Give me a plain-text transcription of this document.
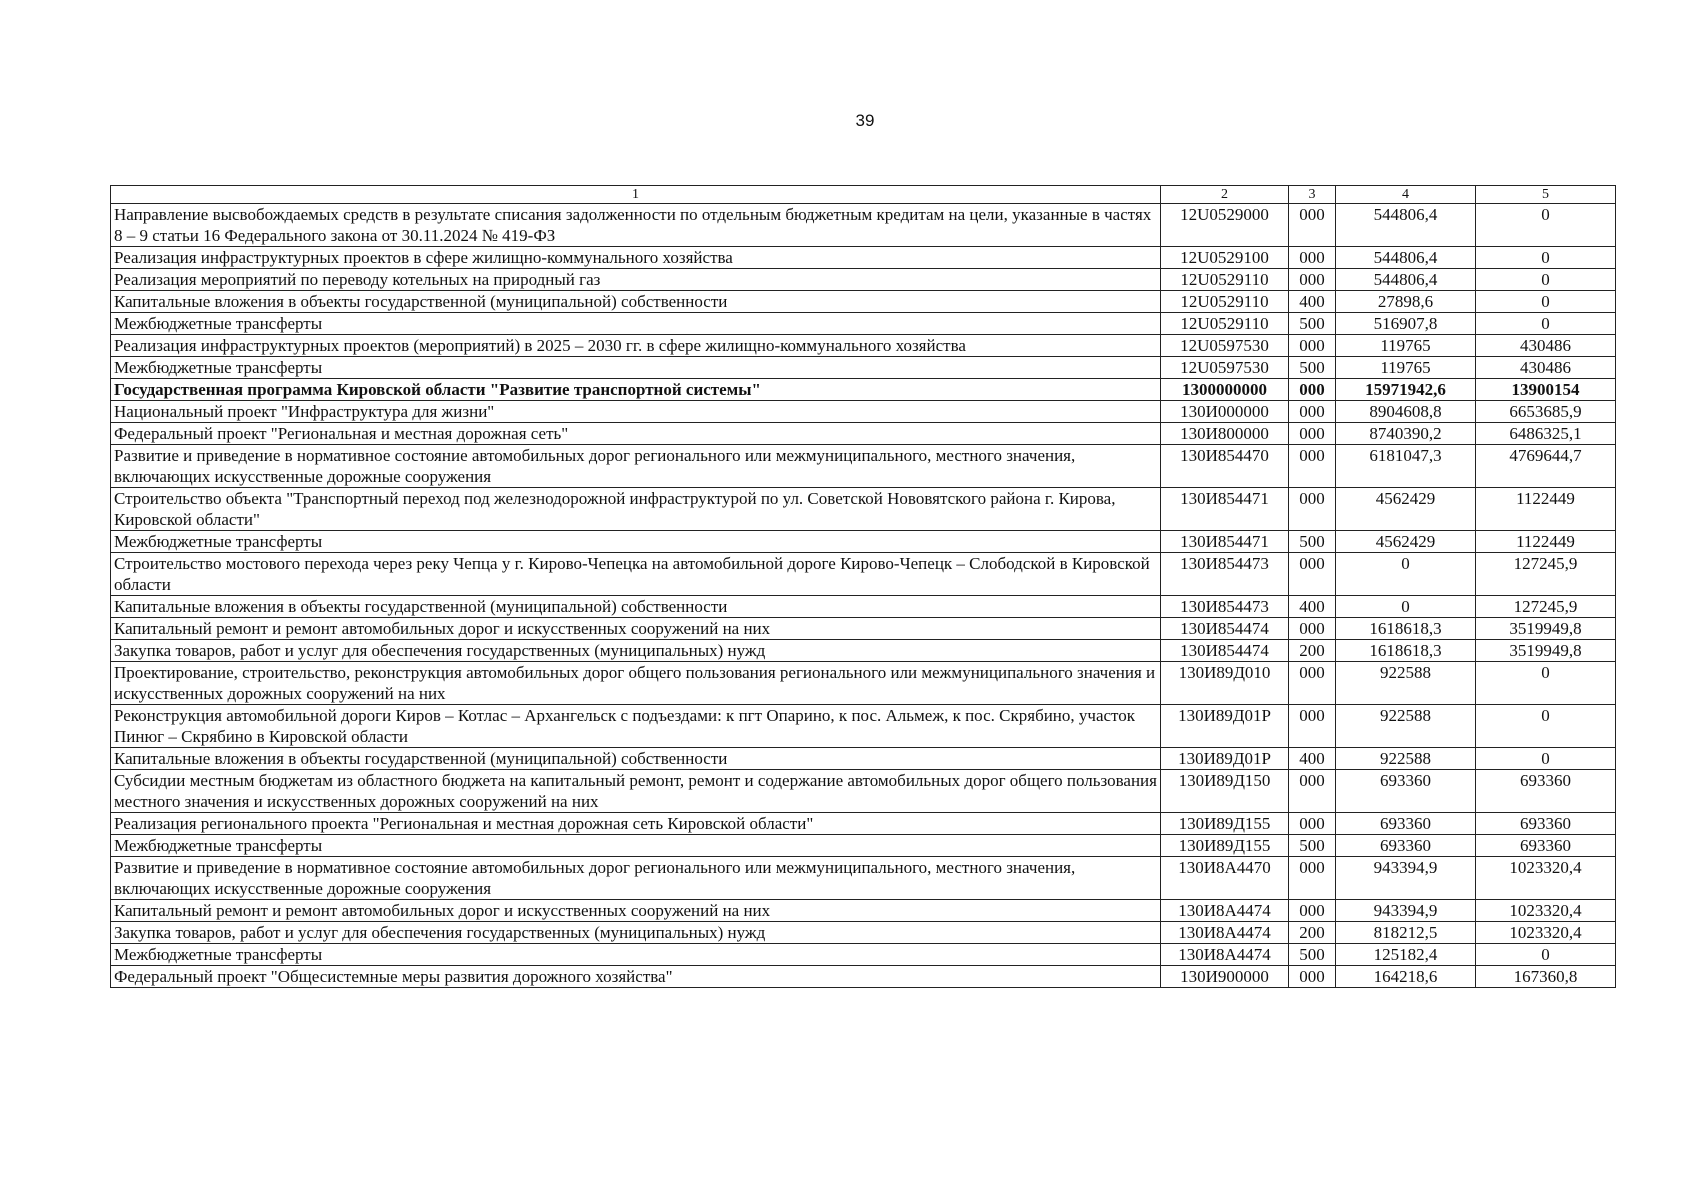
39
1	2	3	4	5
Направление высвобождаемых средств в результате списания задолженности по отдельным бюджетным кредитам на цели, указанные в частях 8 – 9 статьи 16 Федерального закона от 30.11.2024 № 419-ФЗ	12U0529000	000	544806,4	0
Реализация инфраструктурных проектов в сфере жилищно-коммунального хозяйства	12U0529100	000	544806,4	0
Реализация мероприятий по переводу котельных на природный газ	12U0529110	000	544806,4	0
Капитальные вложения в объекты государственной (муниципальной) собственности	12U0529110	400	27898,6	0
Межбюджетные трансферты	12U0529110	500	516907,8	0
Реализация инфраструктурных проектов (мероприятий) в 2025 – 2030 гг. в сфере жилищно-коммунального хозяйства	12U0597530	000	119765	430486
Межбюджетные трансферты	12U0597530	500	119765	430486
Государственная программа Кировской области "Развитие транспортной системы"	1300000000	000	15971942,6	13900154
Национальный проект "Инфраструктура для жизни"	130И000000	000	8904608,8	6653685,9
Федеральный проект "Региональная и местная дорожная сеть"	130И800000	000	8740390,2	6486325,1
Развитие и приведение в нормативное состояние автомобильных дорог регионального или межмуниципального, местного значения, включающих искусственные дорожные сооружения	130И854470	000	6181047,3	4769644,7
Строительство объекта "Транспортный переход под железнодорожной инфраструктурой по ул. Советской Нововятского района г. Кирова, Кировской области"	130И854471	000	4562429	1122449
Межбюджетные трансферты	130И854471	500	4562429	1122449
Строительство мостового перехода через реку Чепца у г. Кирово-Чепецка на автомобильной дороге Кирово-Чепецк – Слободской в Кировской области	130И854473	000	0	127245,9
Капитальные вложения в объекты государственной (муниципальной) собственности	130И854473	400	0	127245,9
Капитальный ремонт и ремонт автомобильных дорог и искусственных сооружений на них	130И854474	000	1618618,3	3519949,8
Закупка товаров, работ и услуг для обеспечения государственных (муниципальных) нужд	130И854474	200	1618618,3	3519949,8
Проектирование, строительство, реконструкция автомобильных дорог общего пользования регионального или межмуниципального значения и искусственных дорожных сооружений на них	130И89Д010	000	922588	0
Реконструкция автомобильной дороги Киров – Котлас – Архангельск с подъездами: к пгт Опарино, к пос. Альмеж, к пос. Скрябино, участок Пинюг – Скрябино в Кировской области	130И89Д01Р	000	922588	0
Капитальные вложения в объекты государственной (муниципальной) собственности	130И89Д01Р	400	922588	0
Субсидии местным бюджетам из областного бюджета на капитальный ремонт, ремонт и содержание автомобильных дорог общего пользования местного значения и искусственных дорожных сооружений на них	130И89Д150	000	693360	693360
Реализация регионального проекта "Региональная и местная дорожная сеть Кировской области"	130И89Д155	000	693360	693360
Межбюджетные трансферты	130И89Д155	500	693360	693360
Развитие и приведение в нормативное состояние автомобильных дорог регионального или межмуниципального, местного значения, включающих искусственные дорожные сооружения	130И8А4470	000	943394,9	1023320,4
Капитальный ремонт и ремонт автомобильных дорог и искусственных сооружений на них	130И8А4474	000	943394,9	1023320,4
Закупка товаров, работ и услуг для обеспечения государственных (муниципальных) нужд	130И8А4474	200	818212,5	1023320,4
Межбюджетные трансферты	130И8А4474	500	125182,4	0
Федеральный проект "Общесистемные меры развития дорожного хозяйства"	130И900000	000	164218,6	167360,8
